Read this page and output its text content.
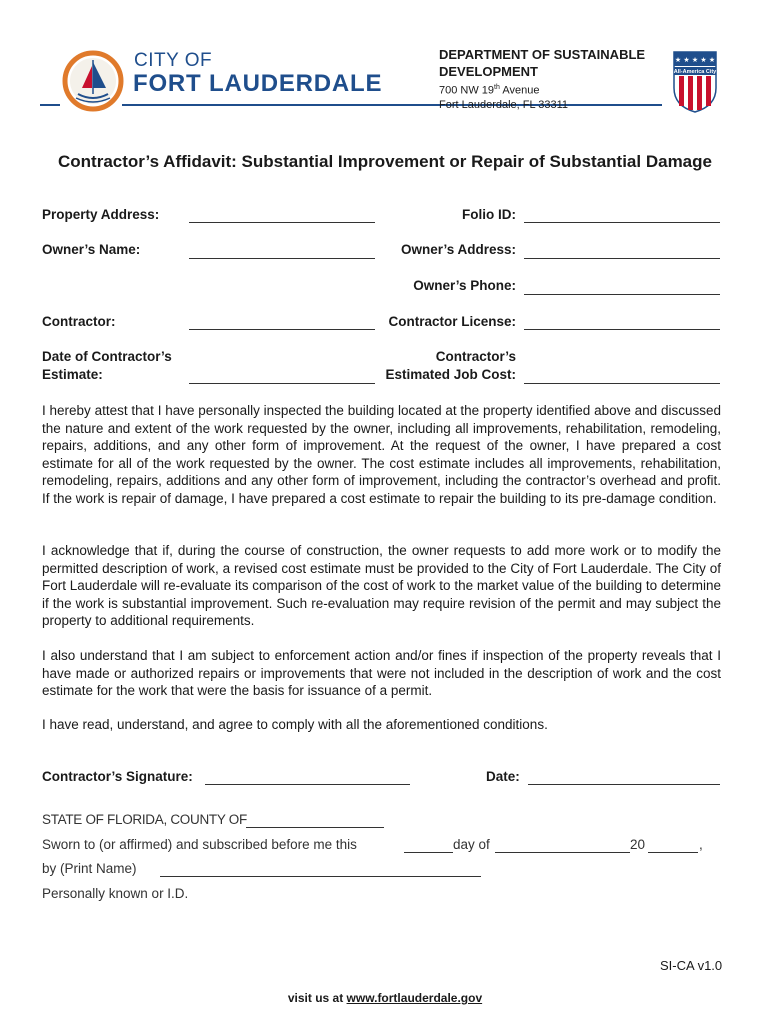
CITY OF
FORT LAUDERDALE
DEPARTMENT OF SUSTAINABLE
DEVELOPMENT
700 NW 19th Avenue
Fort Lauderdale, FL 33311
★ ★ ★ ★ ★
All-America City
Contractor’s Affidavit: Substantial Improvement or Repair of Substantial Damage
Property Address:	Folio ID:
Owner’s Name:	Owner’s Address:
Owner’s Phone:
Contractor:	Contractor License:
Date of Contractor’s
Estimate:
Contractor’s
Estimated Job Cost:

I hereby attest that I have personally inspected the building located at the property identified above and discussed the nature and extent of the work requested by the owner, including all improvements, rehabilitation, remodeling, repairs, additions, and any other form of improvement. At the request of the owner, I have prepared a cost estimate for all of the work requested by the owner. The cost estimate includes all improvements, rehabilitation, remodeling, repairs, additions and any other form of improvement, including the contractor’s overhead and profit. If the work is repair of damage, I have prepared a cost estimate to repair the building to its pre-damage condition.

I acknowledge that if, during the course of construction, the owner requests to add more work or to modify the permitted description of work, a revised cost estimate must be provided to the City of Fort Lauderdale. The City of Fort Lauderdale will re-evaluate its comparison of the cost of work to the market value of the building to determine if the work is substantial improvement. Such re-evaluation may require revision of the permit and may subject the property to additional requirements.

I also understand that I am subject to enforcement action and/or fines if inspection of the property reveals that I have made or authorized repairs or improvements that were not included in the description of work and the cost estimate for the work that were the basis for issuance of a permit.

I have read, understand, and agree to comply with all the aforementioned conditions.

Contractor’s Signature:	Date:
STATE OF FLORIDA, COUNTY OF
Sworn to (or affirmed) and subscribed before me this	day of	20	,
by (Print Name)
Personally known or I.D.
SI-CA v1.0
visit us at www.fortlauderdale.gov
